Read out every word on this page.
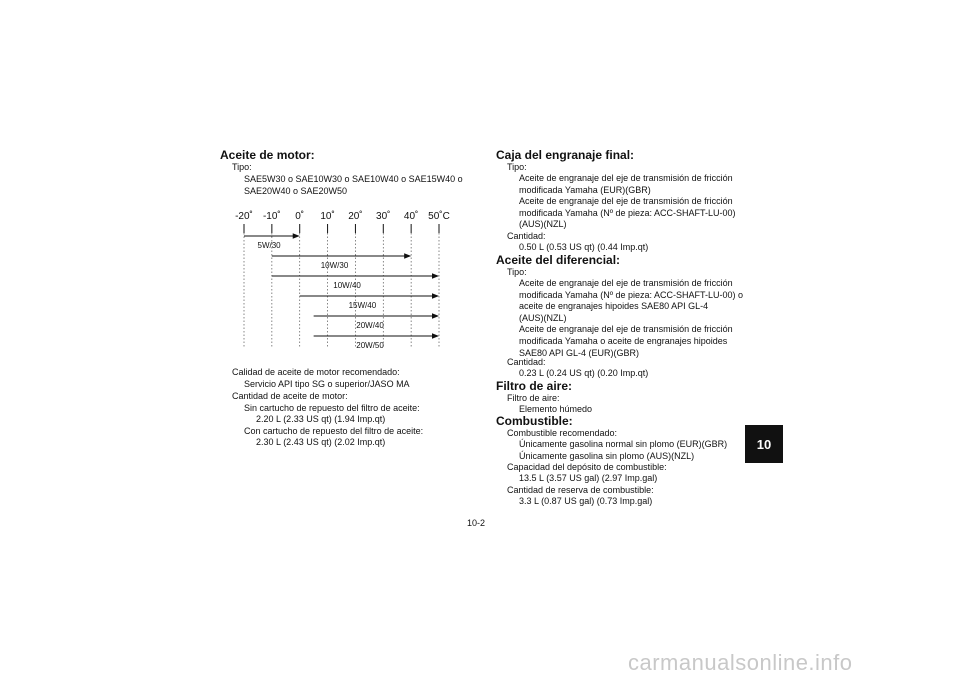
Aceite de motor:
Tipo:
SAE5W30 o SAE10W30 o SAE10W40 o SAE15W40 o
SAE20W40 o SAE20W50
-20˚ -10˚ 0˚ 10˚ 20˚ 30˚ 40˚ 50˚C
5W/30
10W/30
10W/40
15W/40
20W/40
20W/50
Calidad de aceite de motor recomendado:
Servicio API tipo SG o superior/JASO MA
Cantidad de aceite de motor:
Sin cartucho de repuesto del filtro de aceite:
2.20 L (2.33 US qt) (1.94 Imp.qt)
Con cartucho de repuesto del filtro de aceite:
2.30 L (2.43 US qt) (2.02 Imp.qt)
Caja del engranaje final:
Tipo:
Aceite de engranaje del eje de transmisión de fricción
modificada Yamaha (EUR)(GBR)
Aceite de engranaje del eje de transmisión de fricción
modificada Yamaha (Nº de pieza: ACC-SHAFT-LU-00)
(AUS)(NZL)
Cantidad:
0.50 L (0.53 US qt) (0.44 Imp.qt)
Aceite del diferencial:
Tipo:
Aceite de engranaje del eje de transmisión de fricción
modificada Yamaha (Nº de pieza: ACC-SHAFT-LU-00) o
aceite de engranajes hipoides SAE80 API GL-4
(AUS)(NZL)
Aceite de engranaje del eje de transmisión de fricción
modificada Yamaha o aceite de engranajes hipoides
SAE80 API GL-4 (EUR)(GBR)
Cantidad:
0.23 L (0.24 US qt) (0.20 Imp.qt)
Filtro de aire:
Filtro de aire:
Elemento húmedo
Combustible:
Combustible recomendado:
Únicamente gasolina normal sin plomo (EUR)(GBR)
Únicamente gasolina sin plomo (AUS)(NZL)
Capacidad del depósito de combustible:
13.5 L (3.57 US gal) (2.97 Imp.gal)
Cantidad de reserva de combustible:
3.3 L (0.87 US gal) (0.73 Imp.gal)
10
10-2
carmanualsonline.info
